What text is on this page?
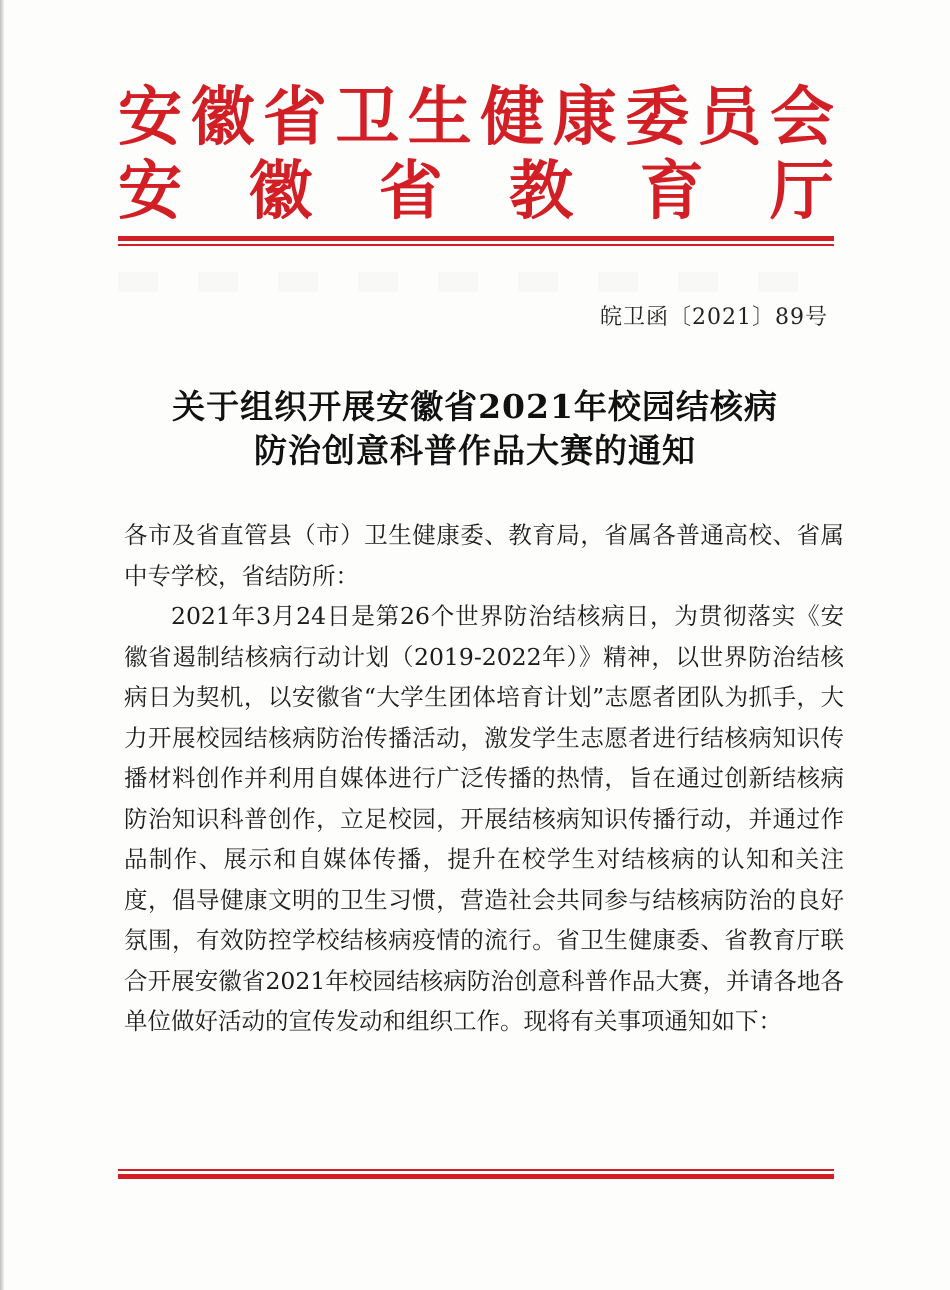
安 徽 省 卫 生 健 康 委 员 会
安 徽 省 教 育 厅
皖卫函〔2021〕89号
关于组织开展安徽省2021年校园结核病
防治创意科普作品大赛的通知

各市及省直管县（市）卫生健康委、教育局，省属各普通高校、省属中专学校，省结防所：

2021年3月24日是第26个世界防治结核病日，为贯彻落实《安徽省遏制结核病行动计划（2019-2022年）》精神，以世界防治结核病日为契机，以安徽省“大学生团体培育计划”志愿者团队为抓手，大力开展校园结核病防治传播活动，激发学生志愿者进行结核病知识传播材料创作并利用自媒体进行广泛传播的热情，旨在通过创新结核病防治知识科普创作，立足校园，开展结核病知识传播行动，并通过作品制作、展示和自媒体传播，提升在校学生对结核病的认知和关注度，倡导健康文明的卫生习惯，营造社会共同参与结核病防治的良好氛围，有效防控学校结核病疫情的流行。省卫生健康委、省教育厅联合开展安徽省2021年校园结核病防治创意科普作品大赛，并请各地各单位做好活动的宣传发动和组织工作。现将有关事项通知如下：
